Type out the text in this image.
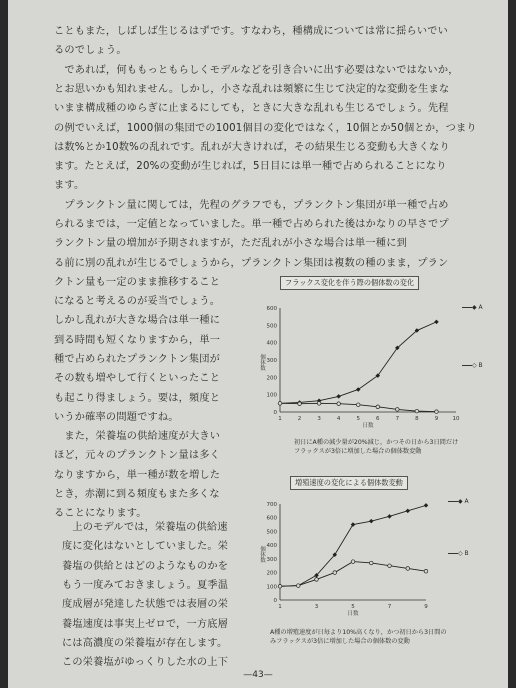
こともまた，しばしば生じるはずです。すなわち，種構成については常に揺らいでい
るのでしょう。
　であれば，何ももっともらしくモデルなどを引き合いに出す必要はないではないか，
とお思いかも知れません。しかし，小さな乱れは頻繁に生じて決定的な変動を生まな
いまま構成種のゆらぎに止まるにしても，ときに大きな乱れも生じるでしょう。先程
の例でいえば，1000個の集団での1001個目の変化ではなく，10個とか50個とか，つまり
は数%とか10数%の乱れです。乱れが大きければ，その結果生じる変動も大きくなり
ます。たとえば，20%の変動が生じれば，5日目には単一種で占められることになり
ます。
　プランクトン量に関しては，先程のグラフでも，プランクトン集団が単一種で占め
られるまでは，一定値となっていました。単一種で占められた後はかなりの早さでプ
ランクトン量の増加が予期されますが，ただ乱れが小さな場合は単一種に到
る前に別の乱れが生じるでしょうから，プランクトン集団は複数の種のまま，プラン
クトン量も一定のまま推移すること
になると考えるのが妥当でしょう。
しかし乱れが大きな場合は単一種に
到る時間も短くなりますから，単一
種で占められたプランクトン集団が
その数も増やして行くといったこと
も起こり得ましょう。要は，頻度と
いうか確率の問題ですね。
　また，栄養塩の供給速度が大きい
ほど，元々のプランクトン量は多く
なりますから，単一種が数を増した
とき，赤潮に到る頻度もまた多くな
ることになります。
　上のモデルでは，栄養塩の供給速
度に変化はないとしていました。栄
養塩の供給とはどのようなものかを
もう一度みておきましょう。夏季温
度成層が発達した状態では表層の栄
養塩速度は事実上ゼロで，一方底層
には高濃度の栄養塩が存在します。
この栄養塩がゆっくりした水の上下
フラックス変化を伴う際の個体数の変化
0
100
200
300
400
500
600
1	2	3	4	5	6	7	8	9	10
個体数
日数
◆ A
◇ B
初日にA種の減少量が20%減じ，かつその日から3日間だけ
フラックスが3倍に増加した場合の個体数変動
増殖速度の変化による個体数変動
0
100
200
300
400
500
600
700
1	3	5	7	9
個体数
日数
◆ A
◇ B
A種の増殖速度が日毎より10%高くなり，かつ初日から3日間の
みフラックスが3倍に増加した場合の個体数の変動
—43—
